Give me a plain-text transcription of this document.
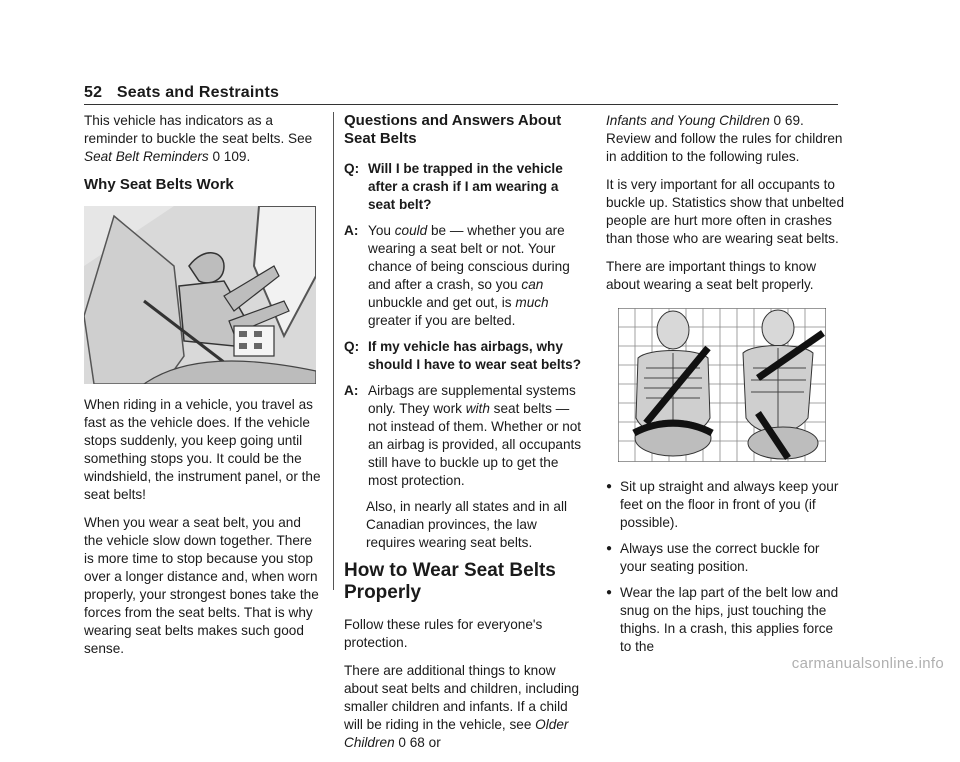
52 Seats and Restraints

This vehicle has indicators as a reminder to buckle the seat belts. See Seat Belt Reminders 0 109.

Why Seat Belts Work

When riding in a vehicle, you travel as fast as the vehicle does. If the vehicle stops suddenly, you keep going until something stops you. It could be the windshield, the instrument panel, or the seat belts!

When you wear a seat belt, you and the vehicle slow down together. There is more time to stop because you stop over a longer distance and, when worn properly, your strongest bones take the forces from the seat belts. That is why wearing seat belts makes such good sense.

Questions and Answers About Seat Belts
Q: Will I be trapped in the vehicle after a crash if I am wearing a seat belt?
A: You could be — whether you are wearing a seat belt or not. Your chance of being conscious during and after a crash, so you can unbuckle and get out, is much greater if you are belted.
Q: If my vehicle has airbags, why should I have to wear seat belts?
A: Airbags are supplemental systems only. They work with seat belts — not instead of them. Whether or not an airbag is provided, all occupants still have to buckle up to get the most protection.
Also, in nearly all states and in all Canadian provinces, the law requires wearing seat belts.
How to Wear Seat Belts Properly

Follow these rules for everyone's protection.

There are additional things to know about seat belts and children, including smaller children and infants. If a child will be riding in the vehicle, see Older Children 0 68 or

Infants and Young Children 0 69. Review and follow the rules for children in addition to the following rules.

It is very important for all occupants to buckle up. Statistics show that unbelted people are hurt more often in crashes than those who are wearing seat belts.

There are important things to know about wearing a seat belt properly.

● Sit up straight and always keep your feet on the floor in front of you (if possible).
● Always use the correct buckle for your seating position.
● Wear the lap part of the belt low and snug on the hips, just touching the thighs. In a crash, this applies force to the
carmanualsonline.info
